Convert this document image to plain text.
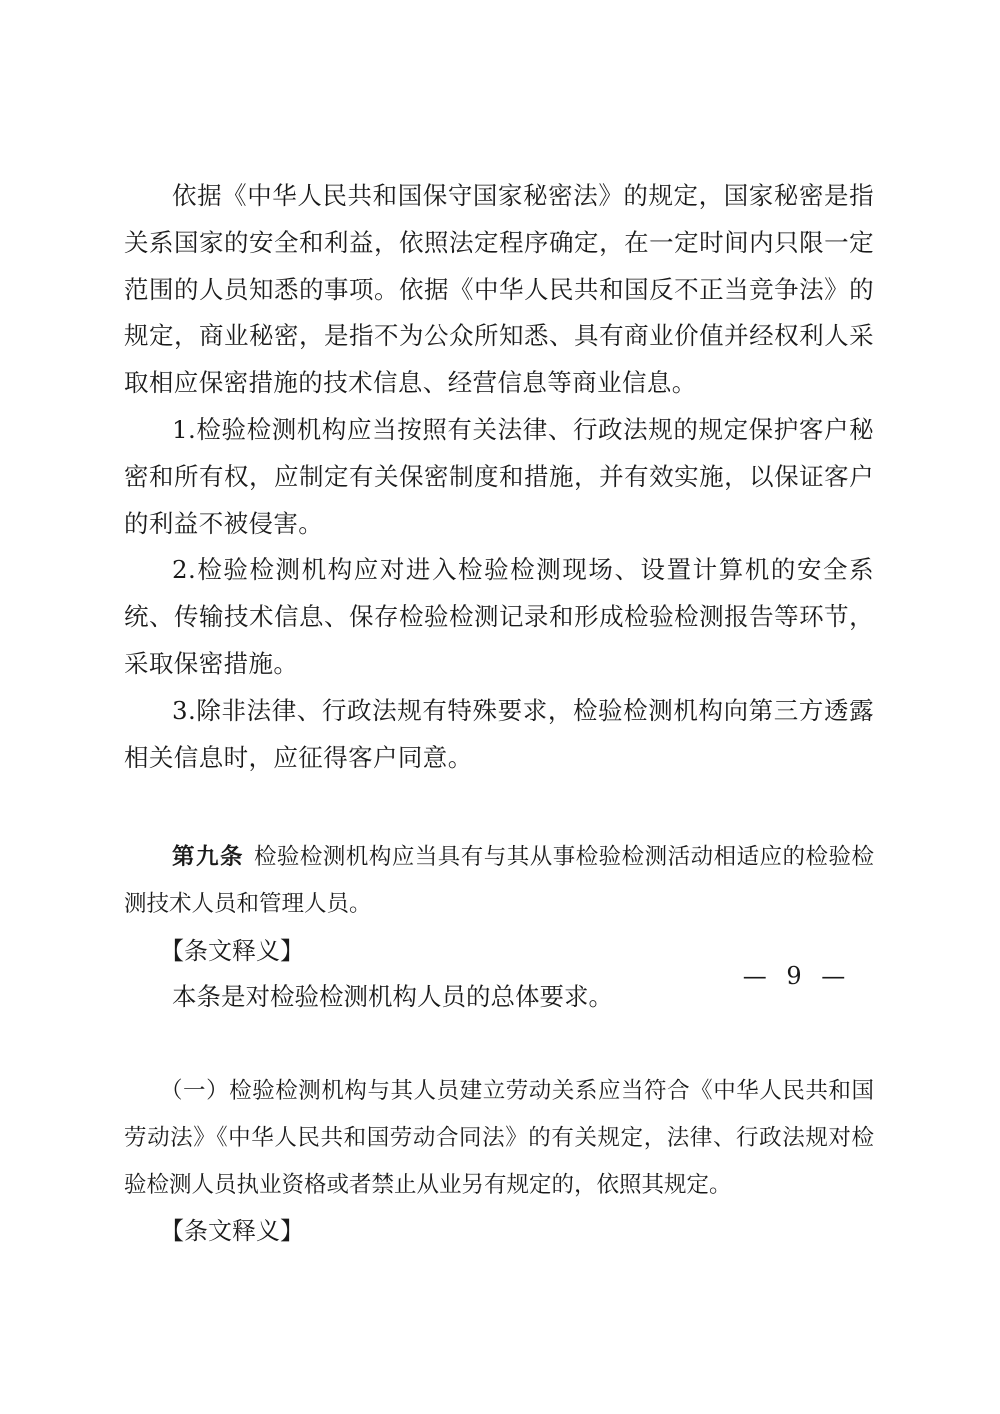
依据《中华人民共和国保守国家秘密法》的规定，国家秘密是指关系国家的安全和利益，依照法定程序确定，在一定时间内只限一定范围的人员知悉的事项。依据《中华人民共和国反不正当竞争法》的规定，商业秘密，是指不为公众所知悉、具有商业价值并经权利人采取相应保密措施的技术信息、经营信息等商业信息。

1.检验检测机构应当按照有关法律、行政法规的规定保护客户秘密和所有权，应制定有关保密制度和措施，并有效实施，以保证客户的利益不被侵害。

2.检验检测机构应对进入检验检测现场、设置计算机的安全系统、传输技术信息、保存检验检测记录和形成检验检测报告等环节，采取保密措施。

3.除非法律、行政法规有特殊要求，检验检测机构向第三方透露相关信息时，应征得客户同意。

第九条 检验检测机构应当具有与其从事检验检测活动相适应的检验检测技术人员和管理人员。

【条文释义】

本条是对检验检测机构人员的总体要求。

（一）检验检测机构与其人员建立劳动关系应当符合《中华人民共和国劳动法》《中华人民共和国劳动合同法》的有关规定，法律、行政法规对检验检测人员执业资格或者禁止从业另有规定的，依照其规定。

【条文释义】

— 9 —
